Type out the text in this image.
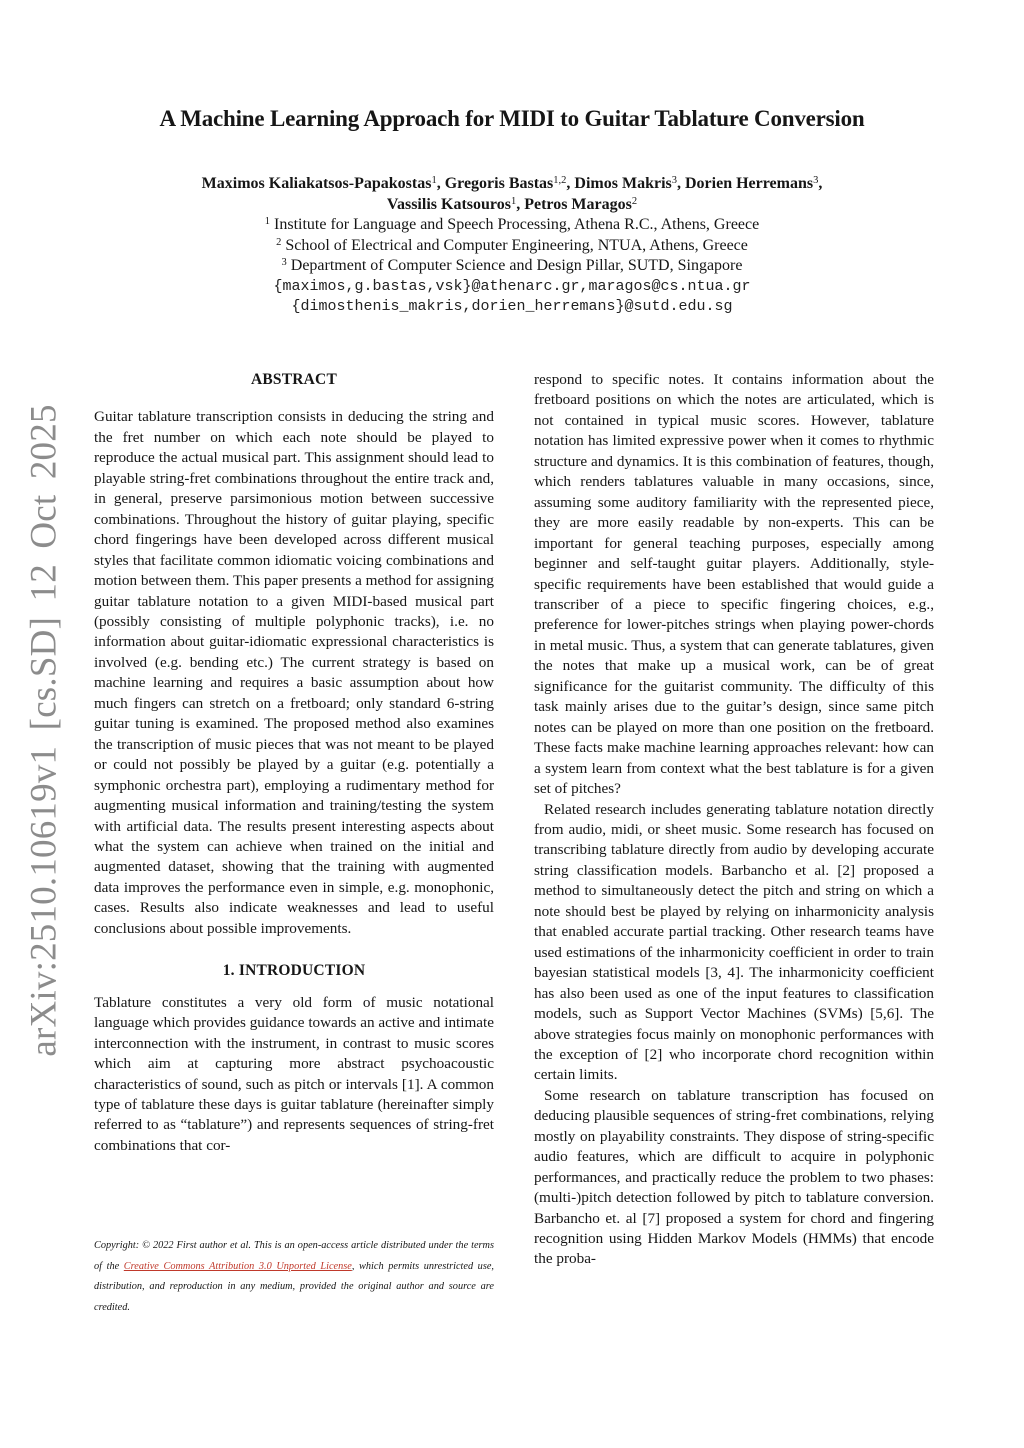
arXiv:2510.10619v1 [cs.SD] 12 Oct 2025
A Machine Learning Approach for MIDI to Guitar Tablature Conversion
Maximos Kaliakatsos-Papakostas$^1$, Gregoris Bastas$^{1,2}$, Dimos Makris$^3$, Dorien Herremans$^3$,
Vassilis Katsouros$^1$, Petros Maragos$^2$
$^1$ Institute for Language and Speech Processing, Athena R.C., Athens, Greece
$^2$ School of Electrical and Computer Engineering, NTUA, Athens, Greece
$^3$ Department of Computer Science and Design Pillar, SUTD, Singapore
{maximos,g.bastas,vsk}@athenarc.gr,maragos@cs.ntua.gr
{dimosthenis_makris,dorien_herremans}@sutd.edu.sg
ABSTRACT

Guitar tablature transcription consists in deducing the string and the fret number on which each note should be played to reproduce the actual musical part. This assignment should lead to playable string-fret combinations throughout the entire track and, in general, preserve parsimonious motion between successive combinations. Throughout the history of guitar playing, specific chord fingerings have been developed across different musical styles that facilitate common idiomatic voicing combinations and motion between them. This paper presents a method for assigning guitar tablature notation to a given MIDI-based musical part (possibly consisting of multiple polyphonic tracks), i.e. no information about guitar-idiomatic expressional characteristics is involved (e.g. bending etc.) The current strategy is based on machine learning and requires a basic assumption about how much fingers can stretch on a fretboard; only standard 6-string guitar tuning is examined. The proposed method also examines the transcription of music pieces that was not meant to be played or could not possibly be played by a guitar (e.g. potentially a symphonic orchestra part), employing a rudimentary method for augmenting musical information and training/testing the system with artificial data. The results present interesting aspects about what the system can achieve when trained on the initial and augmented dataset, showing that the training with augmented data improves the performance even in simple, e.g. monophonic, cases. Results also indicate weaknesses and lead to useful conclusions about possible improvements.

1. INTRODUCTION

Tablature constitutes a very old form of music notational language which provides guidance towards an active and intimate interconnection with the instrument, in contrast to music scores which aim at capturing more abstract psychoacoustic characteristics of sound, such as pitch or intervals [1]. A common type of tablature these days is guitar tablature (hereinafter simply referred to as “tablature”) and represents sequences of string-fret combinations that cor-

Copyright: © 2022 First author et al. This is an open-access article distributed under the terms of the Creative Commons Attribution 3.0 Unported License, which permits unrestricted use, distribution, and reproduction in any medium, provided the original author and source are credited.

respond to specific notes. It contains information about the fretboard positions on which the notes are articulated, which is not contained in typical music scores. However, tablature notation has limited expressive power when it comes to rhythmic structure and dynamics. It is this combination of features, though, which renders tablatures valuable in many occasions, since, assuming some auditory familiarity with the represented piece, they are more easily readable by non-experts. This can be important for general teaching purposes, especially among beginner and self-taught guitar players. Additionally, style-specific requirements have been established that would guide a transcriber of a piece to specific fingering choices, e.g., preference for lower-pitches strings when playing power-chords in metal music. Thus, a system that can generate tablatures, given the notes that make up a musical work, can be of great significance for the guitarist community. The difficulty of this task mainly arises due to the guitar’s design, since same pitch notes can be played on more than one position on the fretboard. These facts make machine learning approaches relevant: how can a system learn from context what the best tablature is for a given set of pitches?

Related research includes generating tablature notation directly from audio, midi, or sheet music. Some research has focused on transcribing tablature directly from audio by developing accurate string classification models. Barbancho et al. [2] proposed a method to simultaneously detect the pitch and string on which a note should best be played by relying on inharmonicity analysis that enabled accurate partial tracking. Other research teams have used estimations of the inharmonicity coefficient in order to train bayesian statistical models [3, 4]. The inharmonicity coefficient has also been used as one of the input features to classification models, such as Support Vector Machines (SVMs) [5,6]. The above strategies focus mainly on monophonic performances with the exception of [2] who incorporate chord recognition within certain limits.

Some research on tablature transcription has focused on deducing plausible sequences of string-fret combinations, relying mostly on playability constraints. They dispose of string-specific audio features, which are difficult to acquire in polyphonic performances, and practically reduce the problem to two phases: (multi-)pitch detection followed by pitch to tablature conversion. Barbancho et. al [7] proposed a system for chord and fingering recognition using Hidden Markov Models (HMMs) that encode the proba-
